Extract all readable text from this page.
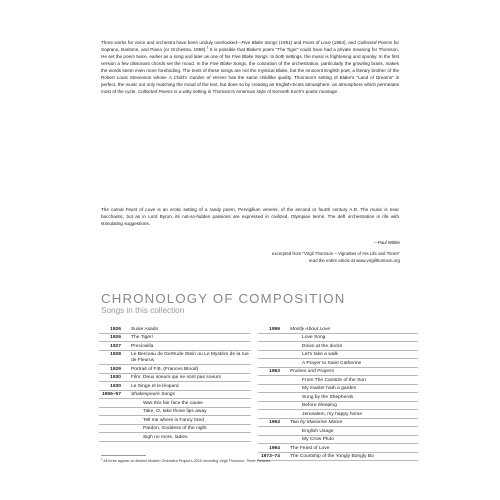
Three works for voice and orchestra have been unduly overlooked—Five Blake Songs (1951) and Feast of Love (1964), and Collected Poems for Soprano, Baritone, and Piano (or Orchestra, 1959).$^1$ It is possible that Blake's poem "The Tiger" could have had a private meaning for Thomson. He set the poem twice, earlier as a song and later as one of his Five Blake Songs. In both settings, the music is frightening and spooky. In the first version a few dissonant chords set the mood. In the Five Blake Songs, the coloration of the orchestration, particularly the growling brass, makes the words seem even more foreboding. The texts of these songs are not the mystical Blake, but the innocent English poet, a literary brother of the Robert Louis Stevenson whose A Child's Garden of Verses has the same childlike quality. Thomson's setting of Blake's "Land of Dreams" is perfect, the music not only matching the mood of the text, but does so by creating an English-Scots atmosphere, an atmosphere which permeates most of the cycle. Collected Poems is a witty setting in Thomson's American style of Kenneth Koch's poetic montage.
The carnal Feast of Love is an erotic setting of a randy poem, Pervigilium veneris, of the second or fourth century A.D. The music is near bacchantic, but as in Lord Byron, its not-so-hidden passions are expressed in civilized, Olympian terms. The deft orchestration is rife with stimulating suggestions.
—Paul Wittke
excerpted from "Virgil Thomson – Vignettes of His Life and Times"
read the entire article at www.virgilthomson.org
CHRONOLOGY OF COMPOSITION
Songs in this collection
1926	Susie Asado
1926	The Tiger!
1927	Preciosilla
1928	Le Berceau de Gertrude Stein ou Le Mystère de la rue de Fleurus
1929	Portrait of F.B. (Frances Blood)
1930	Film: Deux soeurs qui ne sont pas soeurs
1930	Le Singe et le léopard
1956–57	Shakespeare Songs
Was this fair face the cause
Take, O, take those lips away
Tell me where is Fancy bred
Pardon, Goddess of the night
Sigh no more, ladies
1959	Mostly About Love
Love Song
Down at the docks
Let's take a walk
A Prayer to Saint Catherine
1963	Praises and Prayers
From The Canticle of the Sun
My master hath a garden
Sung by the Shepherds
Before Sleeping
Jerusalem, my happy home
1963	Two by Marianne Moore
English Usage
My Crow Pluto
1964	The Feast of Love
1973–74	The Courtship of the Yongly Bongly Bo
$^1$ All three appear on Boston Modern Orchestra Project's 2010 recording Virgil Thomson: Three Pictures.
